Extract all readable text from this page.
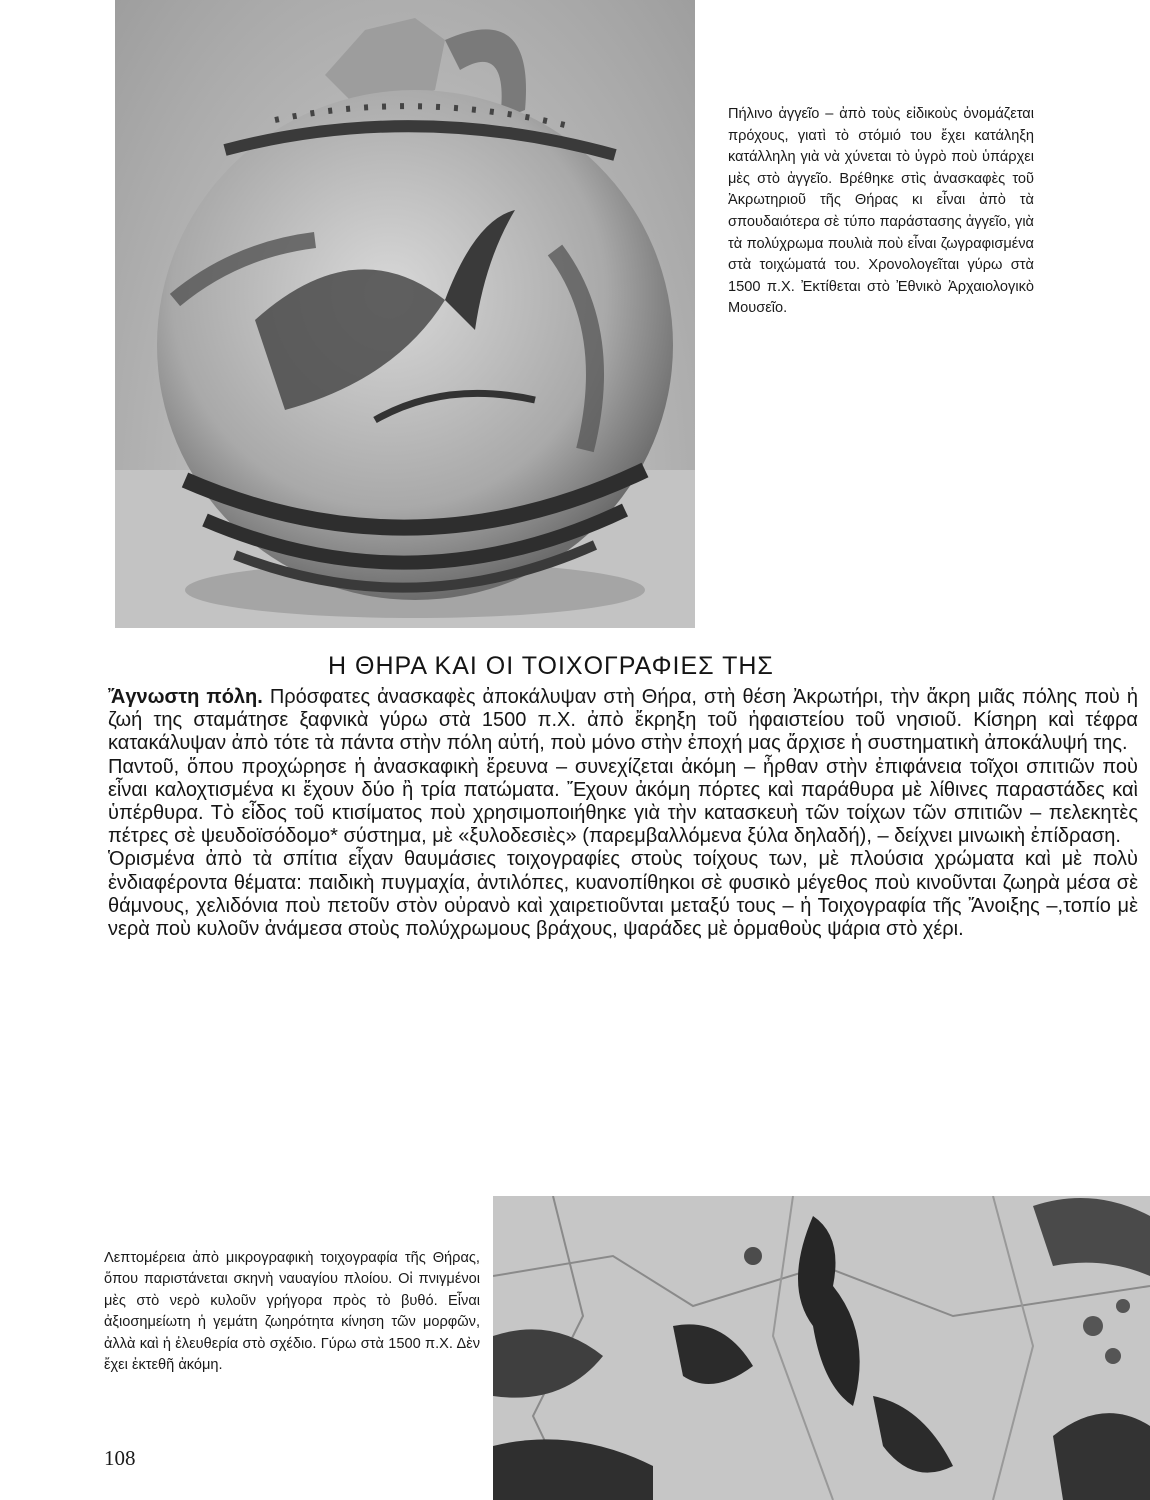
Πήλινο ἀγγεῖο – ἀπὸ τοὺς εἰδικοὺς ὀνομάζεται πρόχους, γιατὶ τὸ στόμιό του ἔχει κατάληξη κατάλληλη γιὰ νὰ χύνεται τὸ ὑγρὸ ποὺ ὑπάρχει μὲς στὸ ἀγγεῖο. Βρέθηκε στὶς ἀνασκαφὲς τοῦ Ἀκρωτηριοῦ τῆς Θήρας κι εἶναι ἀπὸ τὰ σπουδαιότερα σὲ τύπο παράστασης ἀγγεῖο, γιὰ τὰ πολύχρωμα πουλιὰ ποὺ εἶναι ζωγραφισμένα στὰ τοιχώματά του. Χρονολογεῖται γύρω στὰ 1500 π.Χ. Ἐκτίθεται στὸ Ἐθνικὸ Ἀρχαιολογικὸ Μουσεῖο.
Η ΘΗΡΑ ΚΑΙ ΟΙ ΤΟΙΧΟΓΡΑΦΙΕΣ ΤΗΣ

Ἄγνωστη πόλη. Πρόσφατες ἀνασκαφὲς ἀποκάλυψαν στὴ Θήρα, στὴ θέση Ἀκρωτήρι, τὴν ἄκρη μιᾶς πόλης ποὺ ἡ ζωή της σταμάτησε ξαφνικὰ γύρω στὰ 1500 π.Χ. ἀπὸ ἔκρηξη τοῦ ἡφαιστείου τοῦ νησιοῦ. Κίσηρη καὶ τέφρα κατακάλυψαν ἀπὸ τότε τὰ πάντα στὴν πόλη αὐτή, ποὺ μόνο στὴν ἐποχή μας ἄρχισε ἡ συστηματικὴ ἀποκάλυψή της.

Παντοῦ, ὅπου προχώρησε ἡ ἀνασκαφικὴ ἔρευνα – συνεχίζεται ἀκόμη – ἦρθαν στὴν ἐπιφάνεια τοῖχοι σπιτιῶν ποὺ εἶναι καλοχτισμένα κι ἔχουν δύο ἢ τρία πατώματα. Ἔχουν ἀκόμη πόρτες καὶ παράθυρα μὲ λίθινες παραστάδες καὶ ὑπέρθυρα. Τὸ εἶδος τοῦ κτισίματος ποὺ χρησιμοποιήθηκε γιὰ τὴν κατασκευὴ τῶν τοίχων τῶν σπιτιῶν – πελεκητὲς πέτρες σὲ ψευδοϊσόδομο* σύστημα, μὲ «ξυλοδεσιὲς» (παρεμβαλλόμενα ξύλα δηλαδή), – δείχνει μινωικὴ ἐπίδραση.

Ὁρισμένα ἀπὸ τὰ σπίτια εἶχαν θαυμάσιες τοιχογραφίες στοὺς τοίχους των, μὲ πλούσια χρώματα καὶ μὲ πολὺ ἐνδιαφέροντα θέματα: παιδικὴ πυγμαχία, ἀντιλόπες, κυανοπίθηκοι σὲ φυσικὸ μέγεθος ποὺ κινοῦνται ζωηρὰ μέσα σὲ θάμνους, χελιδόνια ποὺ πετοῦν στὸν οὐρανὸ καὶ χαιρετιοῦνται μεταξύ τους – ἡ Τοιχογραφία τῆς Ἄνοιξης –,τοπίο μὲ νερὰ ποὺ κυλοῦν ἀνάμεσα στοὺς πολύχρωμους βράχους, ψαράδες μὲ ὁρμαθοὺς ψάρια στὸ χέρι.

Λεπτομέρεια ἀπὸ μικρογραφικὴ τοιχογραφία τῆς Θήρας, ὅπου παριστάνεται σκηνὴ ναυαγίου πλοίου. Οἱ πνιγμένοι μὲς στὸ νερὸ κυλοῦν γρήγορα πρὸς τὸ βυθό. Εἶναι ἀξιοσημείωτη ἡ γεμάτη ζωηρότητα κίνηση τῶν μορφῶν, ἀλλὰ καὶ ἡ ἐλευθερία στὸ σχέδιο. Γύρω στὰ 1500 π.Χ. Δὲν ἔχει ἐκτεθῆ ἀκόμη.
108
